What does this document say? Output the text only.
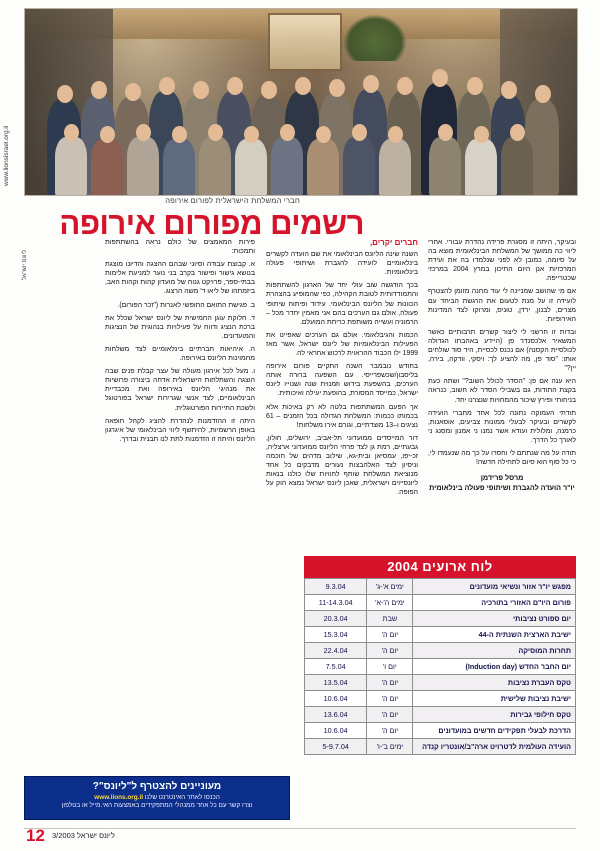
www.lionsisrael.org.il
ליונס ישראל
חברי המשלחת הישראלית לפורום אירופה
רשמים מפורום אירופה

ובעיקר, היתה זו מסגרת פרידה נהדרת עבורי. אחרי ליווי כה ממושך של המשלחת הבינלאומית מוצא בה על סיומה, כמובן לא לפני שנלמדו בה את ועידת המרכזיות אנן היום התיכון במרץ 2004 במרכזי שכטרייפה.

אם מי שהושב שמניינה לי עוד מחנה מזומן להצטרף לועידה זו על מנת לטעום את הרגשת הביחד עם מצרים, לבנון, ירדן, טוניס, ומרוקו לצד המדינות האירופיות.

ובדות זו חרשני לי ליצור קשרים תרבותיים כאשר המשאיר אלכסנדר פן (היידע באהבתו הגדולה לכולסיית הקסנה) אם נכנס לכסיית, היד סוד שולחים אותו: "סוד פן, מה להציע לך: ויסקי, וודקה, בירה, יין?"

היא ענה אם פן: "הסדר לכולל השוב?" ושתה כעת בקצת התודות, גם בשבילי הסדר לא חשוב, כנראה בניחותי ופירץ שיכור מהמחויות שנצרנו יחד.

תודתי העמוקה נתונה לכל אחד מחברי הועידה לקשרים ובעיקר לבעלי ממונות צביעים, אוסאנות, כרמנה, ומלולית ועודא אשר נמנו ני אמנון ומסנג ני לאורך כל הדרך.

תודה על מה שנתתם לי וחסרו על כך מה שנעמדו לי, כי כל סוף הוא סיום לתחילה חדשה!

מרסל פרידמן
יו"ר הועדה להגברת ושיתופי פעולה בינלאומית
חברים יקרים,

השנה שינה הליונס הבינלאומי את שם הועדה לקשרים בינלאומיים לועידה להגברת ושיתופי פעולה בינלאומיות.

בכך הודגשה שוב עולי יחד של הארגון להשתתפות והתמודדותית לטובת הקהילה, כפי שהמופיע בהצהרת הכוונות של הליונס הבינלאומי. עידוד ופיתוח שיתופי פעולה, אולם גם הערכים בהם אני מאמין יחדר מכל – הרמוניה ועשייה משותפת כריתת המועלם.

הכמות והגיבלאומי. אולם גם הערכים שאפיינו את הפעילות הבינלאומיות של ליונס ישראל, אשר מאז 1999 ילו הכבוד ההראוית לרכוש אחראי לה.

בחודש נובמבר השנה התקיים פורום אירופה בליסבון/שכשפרייסי. עם השפעה ברורה אותה הערכים, בהשפעת בידוש וזמנוית שנה ושנוייו ליונס ישראל, כמייסד המסורת, בהופעת יעילה ואיכותית.

אך הפעם המשתתפות בלטה לא רק באיכות אלא בכמותו ככמות: המשלחת הגדולה בכל הזמנים – 61 נציגים ו–13 מוצדתיים, וגורם אירו משלחות!

דור המייסדים ממועדוני תל-אביב, ירושלים, חולון, גבעתיים, רמת גן לצד פרחי הליונס ממועדוני ארצליה, זכ-יפו, עמסיאן ובית-גא, שילוב מדהים של חוכמה וניסיון לצד האלהבצות נעורים מדבקים כל אחד מנוציאת המשלחת שותף לחוויות שלו כולנו בנאות ליונסייוים וישראלית, שאכן ליונס ישראל נמצא הוק על הפופה.

פירות המאמצים של כולם נראה בהשתתפות ותמכות:

א. קבוצת עבודה וסיוני שבהם ההצגה והדיונו מוצגת בנושא גישור ופישור בקרב בני נוער למניעת אלימות בבתי-ספר, פרויקט גנוח של מועדון קהות וקהות האב, ביזמתהו של ליאו ד' משה הרצוג.

ב. פגישת התואם החופשי לאנרות ("זכר הפורום).

ד. חלוקת עוגן החמישית של ליונס ישראל שכלל את ברכת הנציג ודווח על פעילויות בנהוגית של הנציגות והמועדונים.

ה. איהיאות חברתיים בינלאומיים לצד משלחות מחמוינות הליונס באירופה.

ו. מעל לכל אירגון מעולה של עצר קבלת פנים שבה הוצגה והשתלחות הישראלית אדחה ביצורה פרושיות את מנהיגי הליונס באירופה ואת מכבדיית הבינלאומיים, לצד אנשי שגרירות ישראל בפורטוגל ולשכת התיירות הפורטוגלית.

היתה זו ההזדמנות לנהדרת להציג לקהל חופאה באופן הרשמיות, להיתשף ליווי הבינלאומי של איגרגון הליונס והיתה זו הזדמנות לתת לנו תבנית ובדרך.

לוח ארועים 2004
מפגש יו"ר אזור ונשיאי מועדונים	ימים א'-ג'	9.3.04
פורום היו"ם האזורי בתורכיה	ימים ה'-א'	11-14.3.04
יום ספורט נציבותי	שבת	20.3.04
ישיבת הארצית השנתית ה-44	יום ה'	15.3.04
תחרות המוסיקה	יום ה'	22.4.04
יום החבר החדש (Induction day)	יום ו'	7.5.04
טקס העברת נציבות	יום ה'	13.5.04
ישיבת נציבות שלישית	יום ה'	10.6.04
טקס חילופי גבירות	יום ה'	13.6.04
הדרכת לבעלי תפקידים חדשים במועדונים	יום ה'	10.6.04
הועידה העולמית לדטרויט ארה"ב/אונטריו קנדה	ימים ב'-ו'	5-9.7.04
מעוניינים להצטרף ל"ליונס"?
הכנסו לאתר האינטרנט שלנו www.lions.org.il
וצרו קשר עם כל אחד ממנהלי המתפקידים באמצעות האי.מייל או בטלפון
12 ליונס ישראל 3/2003
